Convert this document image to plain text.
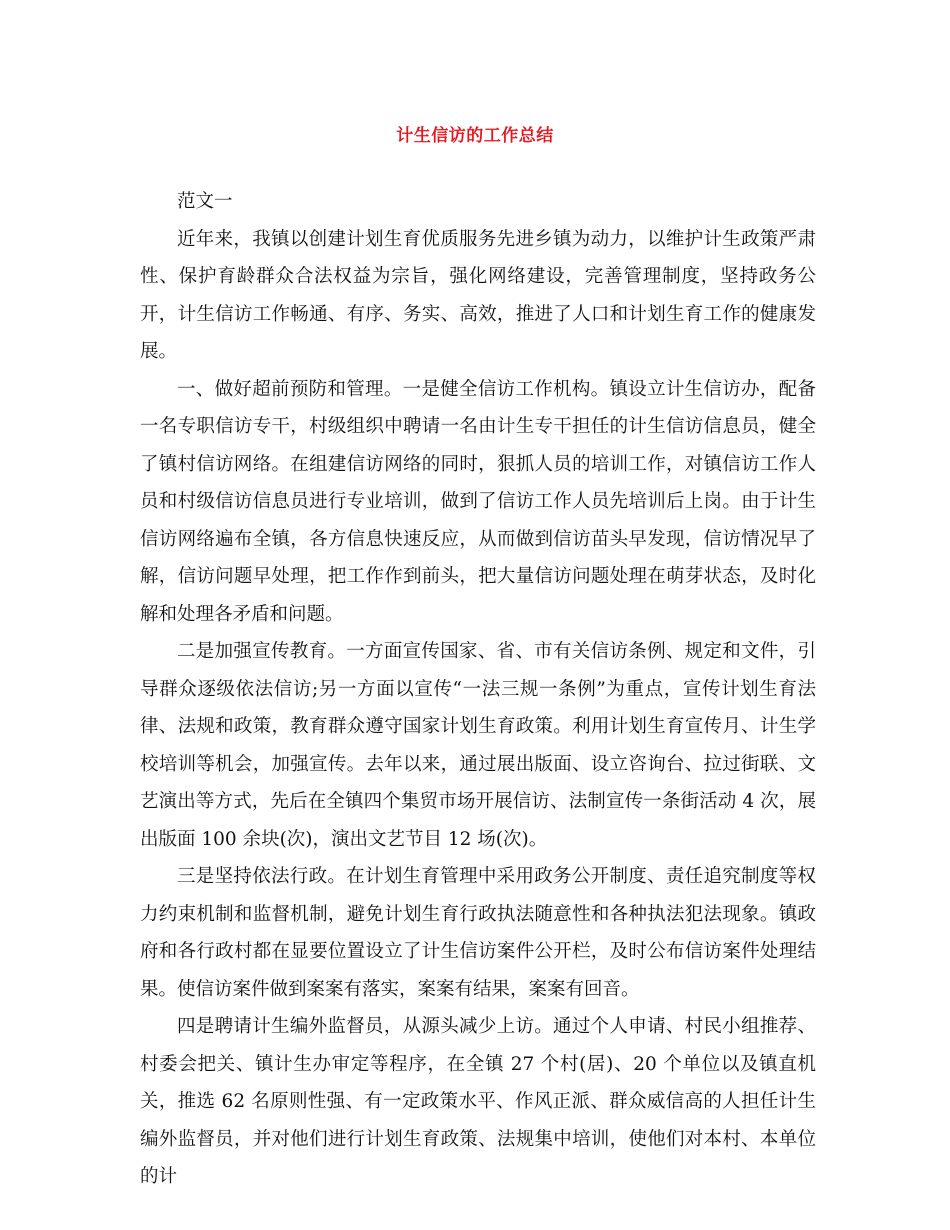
计生信访的工作总结

范文一

近年来，我镇以创建计划生育优质服务先进乡镇为动力，以维护计生政策严肃性、保护育龄群众合法权益为宗旨，强化网络建设，完善管理制度，坚持政务公开，计生信访工作畅通、有序、务实、高效，推进了人口和计划生育工作的健康发展。

一、做好超前预防和管理。一是健全信访工作机构。镇设立计生信访办，配备一名专职信访专干，村级组织中聘请一名由计生专干担任的计生信访信息员，健全了镇村信访网络。在组建信访网络的同时，狠抓人员的培训工作，对镇信访工作人员和村级信访信息员进行专业培训，做到了信访工作人员先培训后上岗。由于计生信访网络遍布全镇，各方信息快速反应，从而做到信访苗头早发现，信访情况早了解，信访问题早处理，把工作作到前头，把大量信访问题处理在萌芽状态，及时化解和处理各矛盾和问题。

二是加强宣传教育。一方面宣传国家、省、市有关信访条例、规定和文件，引导群众逐级依法信访;另一方面以宣传“一法三规一条例”为重点，宣传计划生育法律、法规和政策，教育群众遵守国家计划生育政策。利用计划生育宣传月、计生学校培训等机会，加强宣传。去年以来，通过展出版面、设立咨询台、拉过街联、文艺演出等方式，先后在全镇四个集贸市场开展信访、法制宣传一条街活动 4 次，展出版面 100 余块(次)，演出文艺节目 12 场(次)。

三是坚持依法行政。在计划生育管理中采用政务公开制度、责任追究制度等权力约束机制和监督机制，避免计划生育行政执法随意性和各种执法犯法现象。镇政府和各行政村都在显要位置设立了计生信访案件公开栏，及时公布信访案件处理结果。使信访案件做到案案有落实，案案有结果，案案有回音。

四是聘请计生编外监督员，从源头减少上访。通过个人申请、村民小组推荐、村委会把关、镇计生办审定等程序，在全镇 27 个村(居)、20 个单位以及镇直机关，推选 62 名原则性强、有一定政策水平、作风正派、群众威信高的人担任计生编外监督员，并对他们进行计划生育政策、法规集中培训，使他们对本村、本单位的计
